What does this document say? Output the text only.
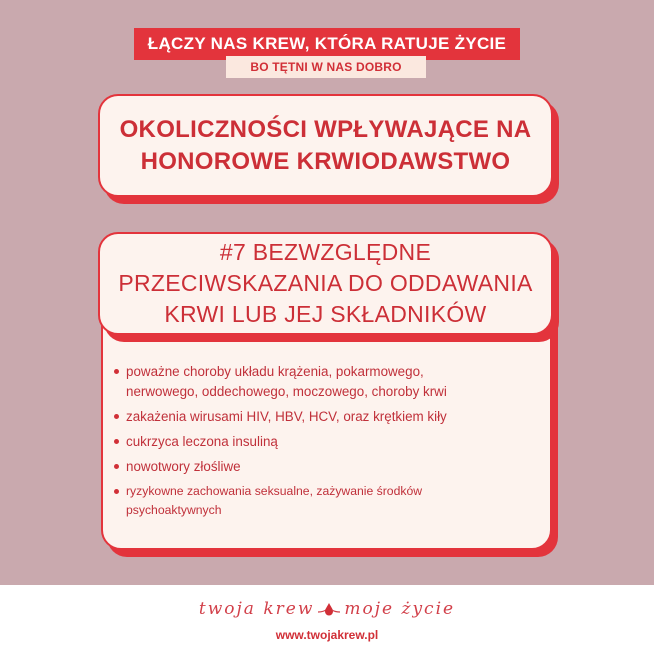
ŁĄCZY NAS KREW, KTÓRA RATUJE ŻYCIE
BO TĘTNI W NAS DOBRO
OKOLICZNOŚCI WPŁYWAJĄCE NA
HONOROWE KRWIODAWSTWO
#7 BEZWZGLĘDNE
PRZECIWSKAZANIA DO ODDAWANIA
KRWI LUB JEJ SKŁADNIKÓW
poważne choroby układu krążenia, pokarmowego,
nerwowego, oddechowego, moczowego, choroby krwi
zakażenia wirusami HIV, HBV, HCV, oraz krętkiem kiły
cukrzyca leczona insuliną
nowotwory złośliwe
ryzykowne zachowania seksualne, zażywanie środków
psychoaktywnych
twoja krew moje życie
www.twojakrew.pl
